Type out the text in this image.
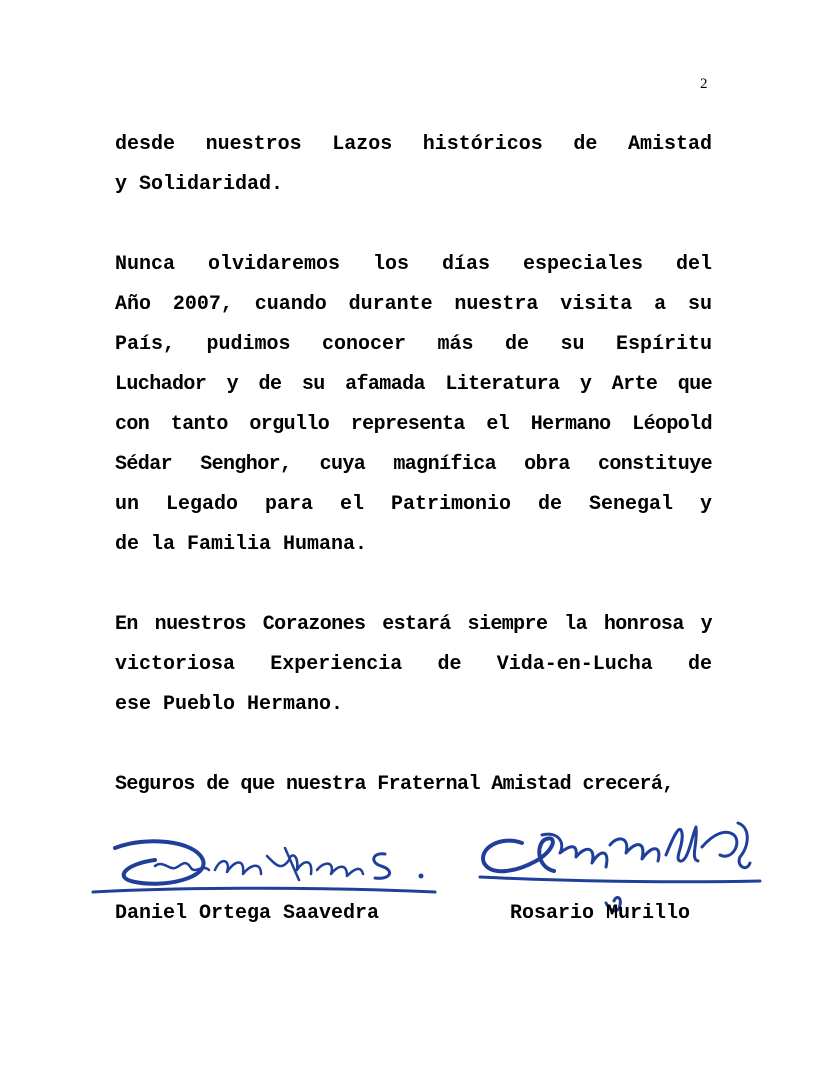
2
desde nuestros Lazos históricos de Amistad
y Solidaridad.
Nunca olvidaremos los días especiales del
Año 2007, cuando durante nuestra visita a su
País, pudimos conocer más de su Espíritu
Luchador y de su afamada Literatura y Arte que
con tanto orgullo representa el Hermano Léopold
Sédar Senghor, cuya magnífica obra constituye
un Legado para el Patrimonio de Senegal y
de la Familia Humana.
En nuestros Corazones estará siempre la honrosa y
victoriosa Experiencia de Vida-en-Lucha de
ese Pueblo Hermano.
Seguros de que nuestra Fraternal Amistad crecerá,
Daniel Ortega Saavedra	Rosario Murillo
